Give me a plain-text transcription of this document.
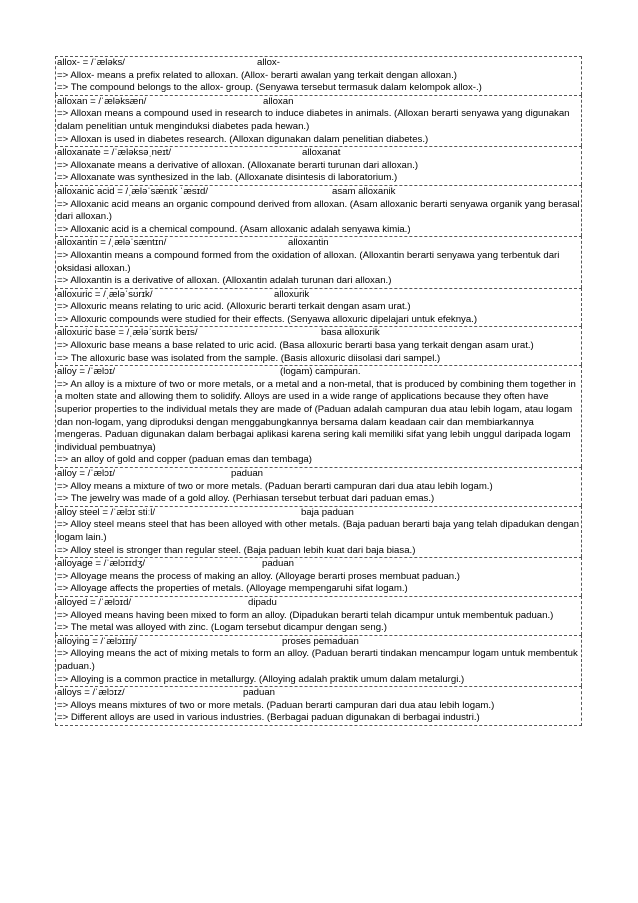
allox- = /ˈæləks/	allox-

=> Allox- means a prefix related to alloxan. (Allox- berarti awalan yang terkait dengan alloxan.)

=> The compound belongs to the allox- group. (Senyawa tersebut termasuk dalam kelompok allox-.)

alloxan = /ˈæləksæn/	alloxan

=> Alloxan means a compound used in research to induce diabetes in animals. (Alloxan berarti senyawa yang digunakan dalam penelitian untuk menginduksi diabetes pada hewan.)

=> Alloxan is used in diabetes research. (Alloxan digunakan dalam penelitian diabetes.)

alloxanate = /ˈæləksəˌneɪt/	alloxanat

=> Alloxanate means a derivative of alloxan. (Alloxanate berarti turunan dari alloxan.)

=> Alloxanate was synthesized in the lab. (Alloxanate disintesis di laboratorium.)

alloxanic acid = /ˌæləˈsænɪk ˈæsɪd/	asam alloxanik

=> Alloxanic acid means an organic compound derived from alloxan. (Asam alloxanic berarti senyawa organik yang berasal dari alloxan.)

=> Alloxanic acid is a chemical compound. (Asam alloxanic adalah senyawa kimia.)

alloxantin = /ˌæləˈsæntɪn/	alloxantin

=> Alloxantin means a compound formed from the oxidation of alloxan. (Alloxantin berarti senyawa yang terbentuk dari oksidasi alloxan.)

=> Alloxantin is a derivative of alloxan. (Alloxantin adalah turunan dari alloxan.)

alloxuric = /ˌæləˈsʊrɪk/	alloxurik

=> Alloxuric means relating to uric acid. (Alloxuric berarti terkait dengan asam urat.)

=> Alloxuric compounds were studied for their effects. (Senyawa alloxuric dipelajari untuk efeknya.)

alloxuric base = /ˌæləˈsʊrɪk beɪs/	basa alloxurik

=> Alloxuric base means a base related to uric acid. (Basa alloxuric berarti basa yang terkait dengan asam urat.)

=> The alloxuric base was isolated from the sample. (Basis alloxuric diisolasi dari sampel.)

alloy = /ˈælɔɪ/	(logam) campuran.

=> An alloy is a mixture of two or more metals, or a metal and a non-metal, that is produced by combining them together in a molten state and allowing them to solidify. Alloys are used in a wide range of applications because they often have superior properties to the individual metals they are made of (Paduan adalah campuran dua atau lebih logam, atau logam dan non-logam, yang diproduksi dengan menggabungkannya bersama dalam keadaan cair dan membiarkannya mengeras. Paduan digunakan dalam berbagai aplikasi karena sering kali memiliki sifat yang lebih unggul daripada logam individual pembuatnya)

=> an alloy of gold and copper (paduan emas dan tembaga)

alloy = /ˈælɔɪ/	paduan

=> Alloy means a mixture of two or more metals. (Paduan berarti campuran dari dua atau lebih logam.)

=> The jewelry was made of a gold alloy. (Perhiasan tersebut terbuat dari paduan emas.)

alloy steel = /ˈælɔɪ stiːl/	baja paduan

=> Alloy steel means steel that has been alloyed with other metals. (Baja paduan berarti baja yang telah dipadukan dengan logam lain.)

=> Alloy steel is stronger than regular steel. (Baja paduan lebih kuat dari baja biasa.)

alloyage = /ˈælɔɪɪdʒ/	paduan

=> Alloyage means the process of making an alloy. (Alloyage berarti proses membuat paduan.)

=> Alloyage affects the properties of metals. (Alloyage mempengaruhi sifat logam.)

alloyed = /ˈælɔɪd/	dipadu

=> Alloyed means having been mixed to form an alloy. (Dipadukan berarti telah dicampur untuk membentuk paduan.)

=> The metal was alloyed with zinc. (Logam tersebut dicampur dengan seng.)

alloying = /ˈælɔɪɪŋ/	proses pemaduan

=> Alloying means the act of mixing metals to form an alloy. (Paduan berarti tindakan mencampur logam untuk membentuk paduan.)

=> Alloying is a common practice in metallurgy. (Alloying adalah praktik umum dalam metalurgi.)

alloys = /ˈælɔɪz/	paduan

=> Alloys means mixtures of two or more metals. (Paduan berarti campuran dari dua atau lebih logam.)

=> Different alloys are used in various industries. (Berbagai paduan digunakan di berbagai industri.)
